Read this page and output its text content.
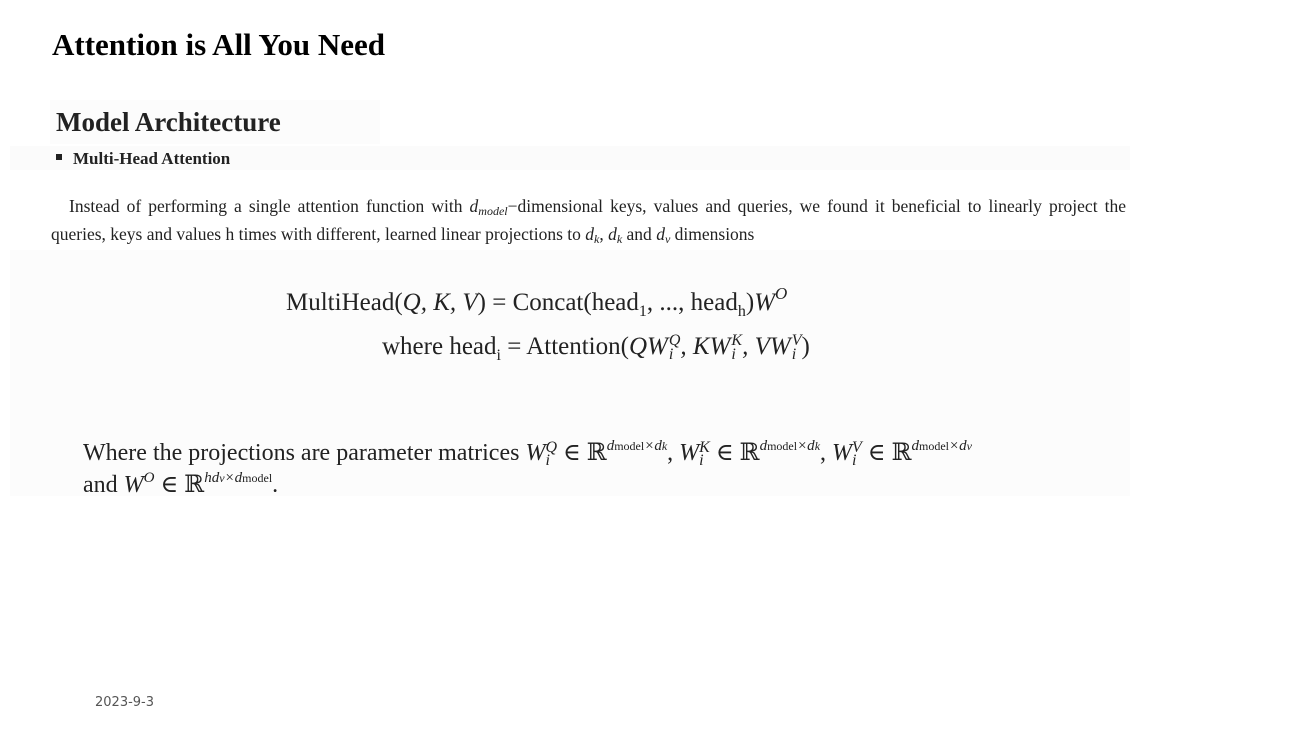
Attention is All You Need
Model Architecture
Multi-Head Attention

Instead of performing a single attention function with $d_{model}-dimensional$ keys, values and queries, we found it beneficial to linearly project the queries, keys and values h times with different, learned linear projections to $d_k$, $d_k$ and $d_v$ dimensions

MultiHead(Q, K, V) = Concat(head$_1$, ..., $head_h)W^O$
where head$_i$ = Attention(QW Q
i , KW K
i , VW V
i )
Where the projections are parameter matrices W Q
i ∈ ℝ$^{dmodel\times dk}$, W K
i ∈ ℝ$^{dmodel\times dk}$, W V
i ∈ ℝ$^{dmodel\times dv}$
and $W^O$ ∈ ℝ$^{hdv\times dmodel}$.
2023-9-3
